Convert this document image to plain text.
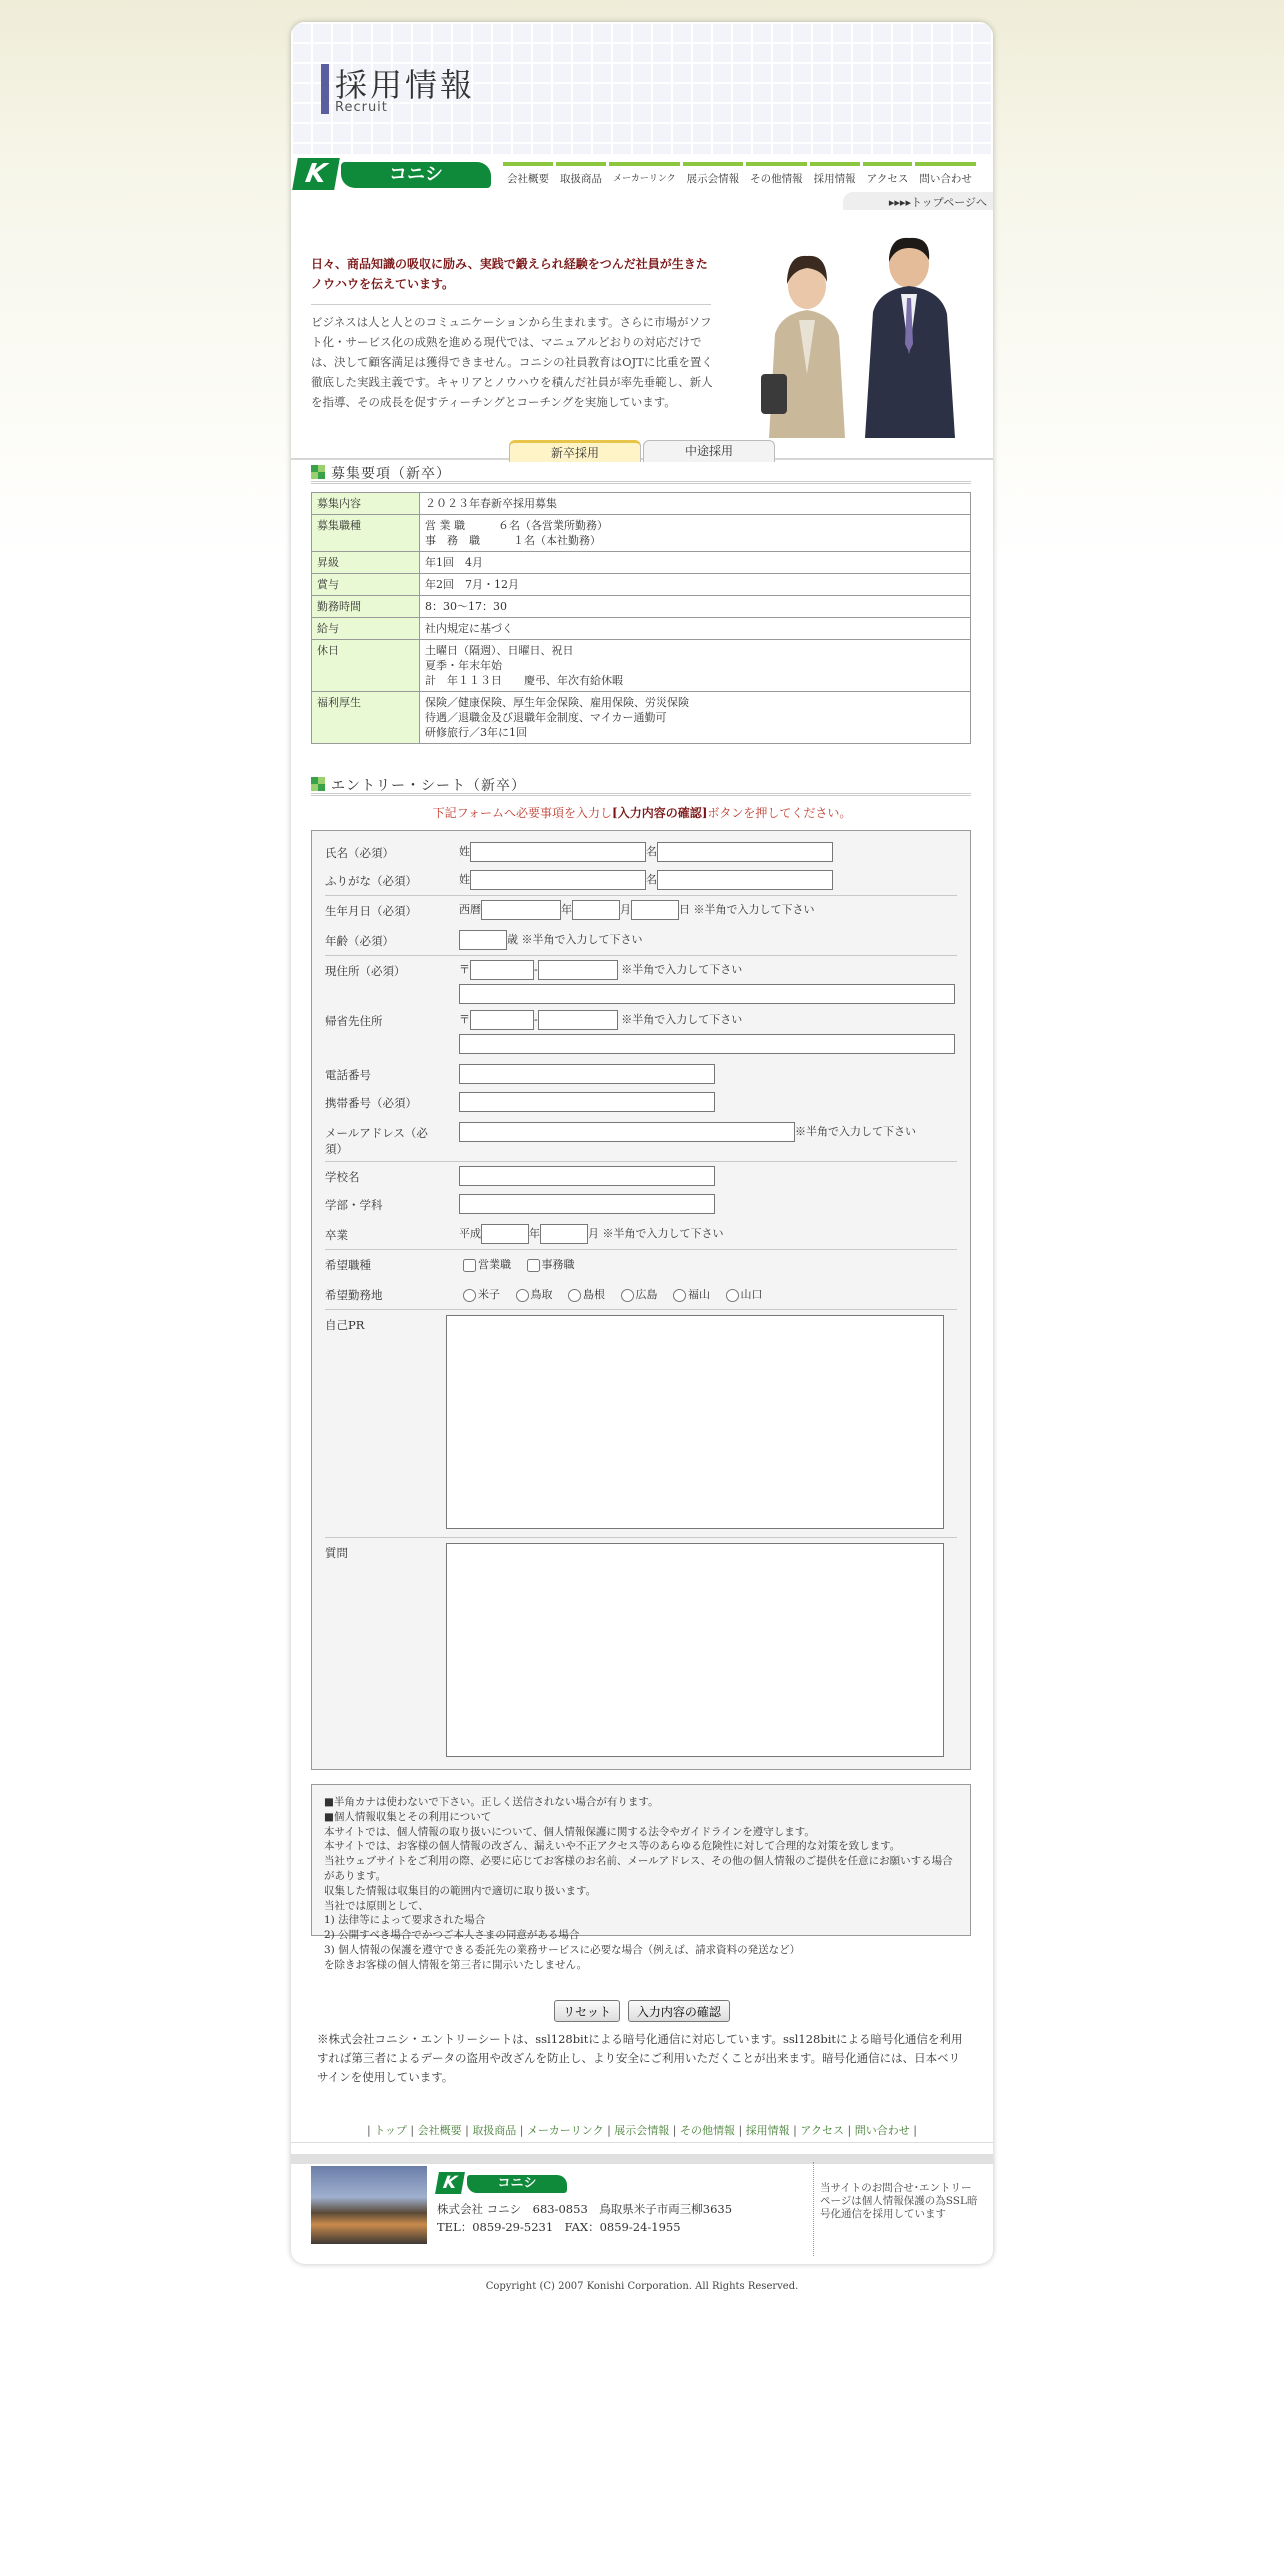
採用情報
Recruit
K	コニシ	会社概要	取扱商品	メーカーリンク	展示会情報	その他情報	採用情報	アクセス	問い合わせ
▸▸▸▸トップページへ
日々、商品知識の吸収に励み、実践で鍛えられ経験をつんだ社員が生きたノウハウを伝えています。
ビジネスは人と人とのコミュニケーションから生まれます。さらに市場がソフト化・サービス化の成熟を進める現代では、マニュアルどおりの対応だけでは、決して顧客満足は獲得できません。コニシの社員教育はOJTに比重を置く徹底した実践主義です。キャリアとノウハウを積んだ社員が率先垂範し、新人を指導、その成長を促すティーチングとコーチングを実施しています。
新卒採用	中途採用
募集要項（新卒）
募集内容	２０２３年春新卒採用募集
募集職種	営 業 職　　　６名（各営業所勤務）
事　務　職　　　１名（本社勤務）
昇級	年1回　4月
賞与	年2回　7月・12月
勤務時間	8：30～17：30
給与	社内規定に基づく
休日	土曜日（隔週）、日曜日、祝日
夏季・年末年始
計　年１１３日　　慶弔、年次有給休暇
福利厚生	保険／健康保険、厚生年金保険、雇用保険、労災保険
待遇／退職金及び退職年金制度、マイカー通勤可
研修旅行／3年に1回
エントリー・シート（新卒）
下記フォームへ必要事項を入力し[入力内容の確認]ボタンを押してください。
氏名（必須）	姓	名
ふりがな（必須）	姓	名
生年月日（必須）	西暦	年	月	日 ※半角で入力して下さい
年齢（必須）	歳 ※半角で入力して下さい
現住所（必須）	〒	-	※半角で入力して下さい
帰省先住所	〒	-	※半角で入力して下さい
電話番号
携帯番号（必須）
メールアドレス（必須）
※半角で入力して下さい
学校名
学部・学科
卒業	平成	年	月 ※半角で入力して下さい
希望職種	営業職	事務職
希望勤務地	米子	鳥取	島根	広島	福山	山口
自己PR
質問
■半角カナは使わないで下さい。正しく送信されない場合が有ります。
■個人情報収集とその利用について
本サイトでは、個人情報の取り扱いについて、個人情報保護に関する法令やガイドラインを遵守します。
本サイトでは、お客様の個人情報の改ざん、漏えいや不正アクセス等のあらゆる危険性に対して合理的な対策を致します。
当社ウェブサイトをご利用の際、必要に応じてお客様のお名前、メールアドレス、その他の個人情報のご提供を任意にお願いする場合があります。
収集した情報は収集目的の範囲内で適切に取り扱います。
当社では原則として、
1) 法律等によって要求された場合
2) 公開すべき場合でかつご本人さまの同意がある場合
3) 個人情報の保護を遵守できる委託先の業務サービスに必要な場合（例えば、請求資料の発送など）
を除きお客様の個人情報を第三者に開示いたしません。
リセット 入力内容の確認
※株式会社コニシ・エントリーシートは、ssl128bitによる暗号化通信に対応しています。ssl128bitによる暗号化通信を利用すれば第三者によるデータの盗用や改ざんを防止し、より安全にご利用いただくことが出来ます。暗号化通信には、日本ベリサインを使用しています。
| トップ | 会社概要 | 取扱商品 | メーカーリンク | 展示会情報 | その他情報 | 採用情報 | アクセス | 問い合わせ |
K	コニシ
株式会社 コニシ　683-0853　鳥取県米子市両三柳3635
TEL：0859-29-5231　FAX：0859-24-1955
当サイトのお問合せ･エントリーページは個人情報保護の為SSL暗号化通信を採用しています
Copyright (C) 2007 Konishi Corporation. All Rights Reserved.
